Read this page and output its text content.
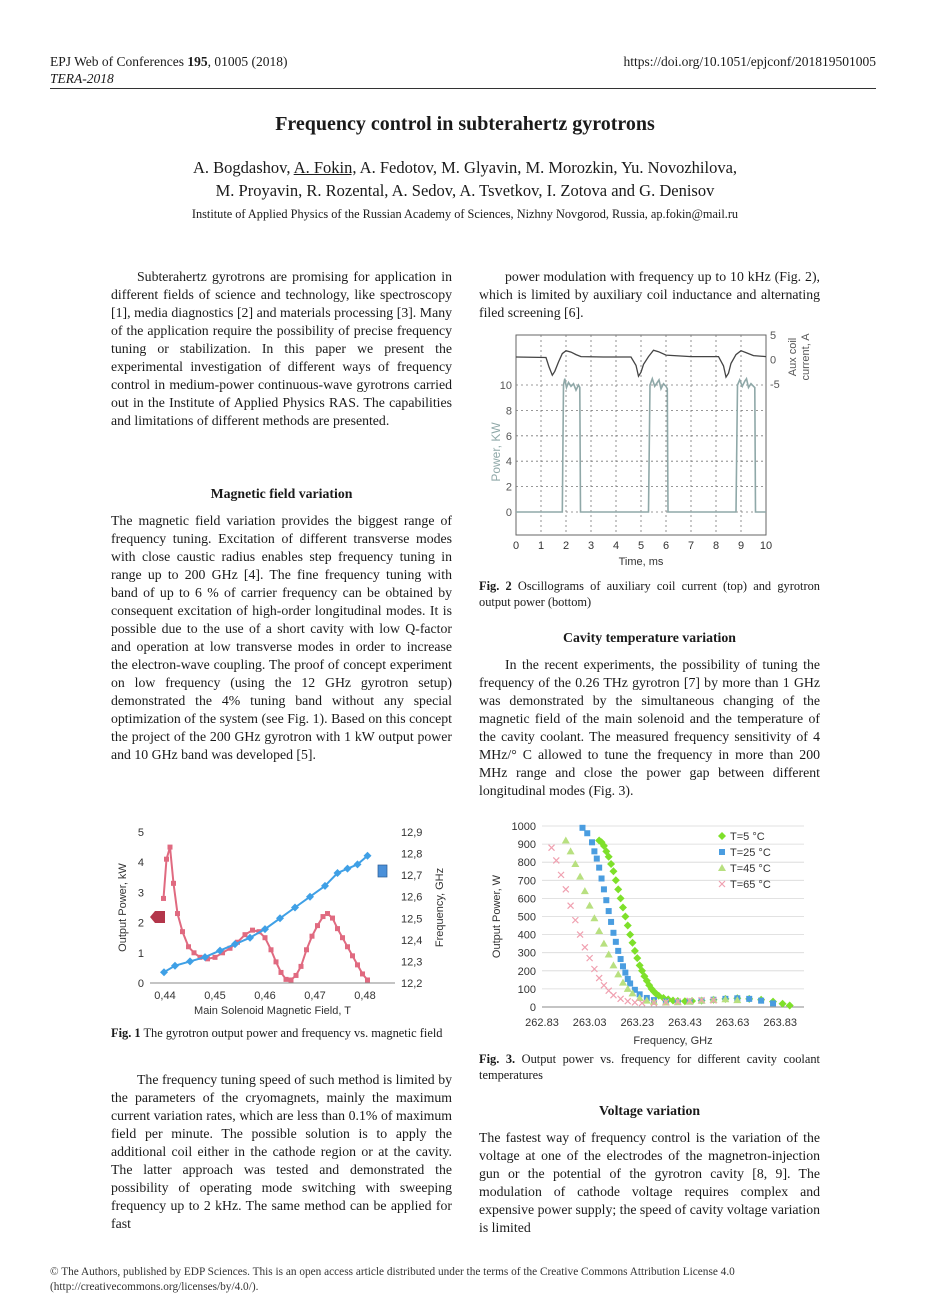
EPJ Web of Conferences 195, 01005 (2018)
TERA-2018
https://doi.org/10.1051/epjconf/201819501005
Frequency control in subterahertz gyrotrons
A. Bogdashov, A. Fokin, A. Fedotov, M. Glyavin, M. Morozkin, Yu. Novozhilova,
M. Proyavin, R. Rozental, A. Sedov, A. Tsvetkov, I. Zotova and G. Denisov
Institute of Applied Physics of the Russian Academy of Sciences, Nizhny Novgorod, Russia, ap.fokin@mail.ru

Subterahertz gyrotrons are promising for application in different fields of science and technology, like spectroscopy [1], media diagnostics [2] and materials processing [3]. Many of the application require the possibility of precise frequency tuning or stabilization. In this paper we present the experimental investigation of different ways of frequency control in medium-power continuous-wave gyrotrons carried out in the Institute of Applied Physics RAS. The capabilities and limitations of different methods are presented.

Magnetic field variation

The magnetic field variation provides the biggest range of frequency tuning. Excitation of different transverse modes with close caustic radius enables step frequency tuning in range up to 200 GHz [4]. The fine frequency tuning with band of up to 6 % of carrier frequency can be obtained by consequent excitation of high-order longitudinal modes. It is possible due to the use of a short cavity with low Q-factor and operation at low transverse modes in order to increase the electron-wave coupling. The proof of concept experiment on low frequency (using the 12 GHz gyrotron setup) demonstrated the 4% tuning band without any special optimization of the system (see Fig. 1). Based on this concept the project of the 200 GHz gyrotron with 1 kW output power and 10 GHz band was developed [5].

0
1
2
3
4
5
12,2
12,3
12,4
12,5
12,6
12,7
12,8
12,9
0,44	0,45	0,46	0,47	0,48
Main Solenoid Magnetic Field, T
Output Power, kW	Frequency, GHz
Fig. 1 The gyrotron output power and frequency vs. magnetic field

The frequency tuning speed of such method is limited by the parameters of the cryomagnets, mainly the maximum current variation rates, which are less than 0.1% of maximum field per minute. The possible solution is to apply the additional coil either in the cathode region or at the cavity. The latter approach was tested and demonstrated the possibility of operating mode switching with sweeping frequency up to 2 kHz. The same method can be applied for fast

power modulation with frequency up to 10 kHz (Fig. 2), which is limited by auxiliary coil inductance and alternating filed screening [6].

0
2
4
6
8
10	-5
0
5
0 1 2 3 4 5 6 7 8 9 10
Time, ms
Power, KW
Aux coilcurrent, A
Fig. 2 Oscillograms of auxiliary coil current (top) and gyrotron output power (bottom)
Cavity temperature variation

In the recent experiments, the possibility of tuning the frequency of the 0.26 THz gyrotron [7] by more than 1 GHz was demonstrated by the simultaneous changing of the magnetic field of the main solenoid and the temperature of the cavity coolant. The measured frequency sensitivity of 4 MHz/° C allowed to tune the frequency in more than 200 MHz range and close the power gap between different longitudinal modes (Fig. 3).

0
100
200
300
400
500
600
700
800
900
1000
262.83 263.03 263.23 263.43 263.63 263.83
Frequency, GHz
Output Power, W
T=5 °C
T=25 °C
T=45 °C
T=65 °C
Fig. 3. Output power vs. frequency for different cavity coolant temperatures
Voltage variation

The fastest way of frequency control is the variation of the voltage at one of the electrodes of the magnetron-injection gun or the potential of the gyrotron cavity [8, 9]. The modulation of cathode voltage requires complex and expensive power supply; the speed of cavity voltage variation is limited

© The Authors, published by EDP Sciences. This is an open access article distributed under the terms of the Creative Commons Attribution License 4.0
(http://creativecommons.org/licenses/by/4.0/).
